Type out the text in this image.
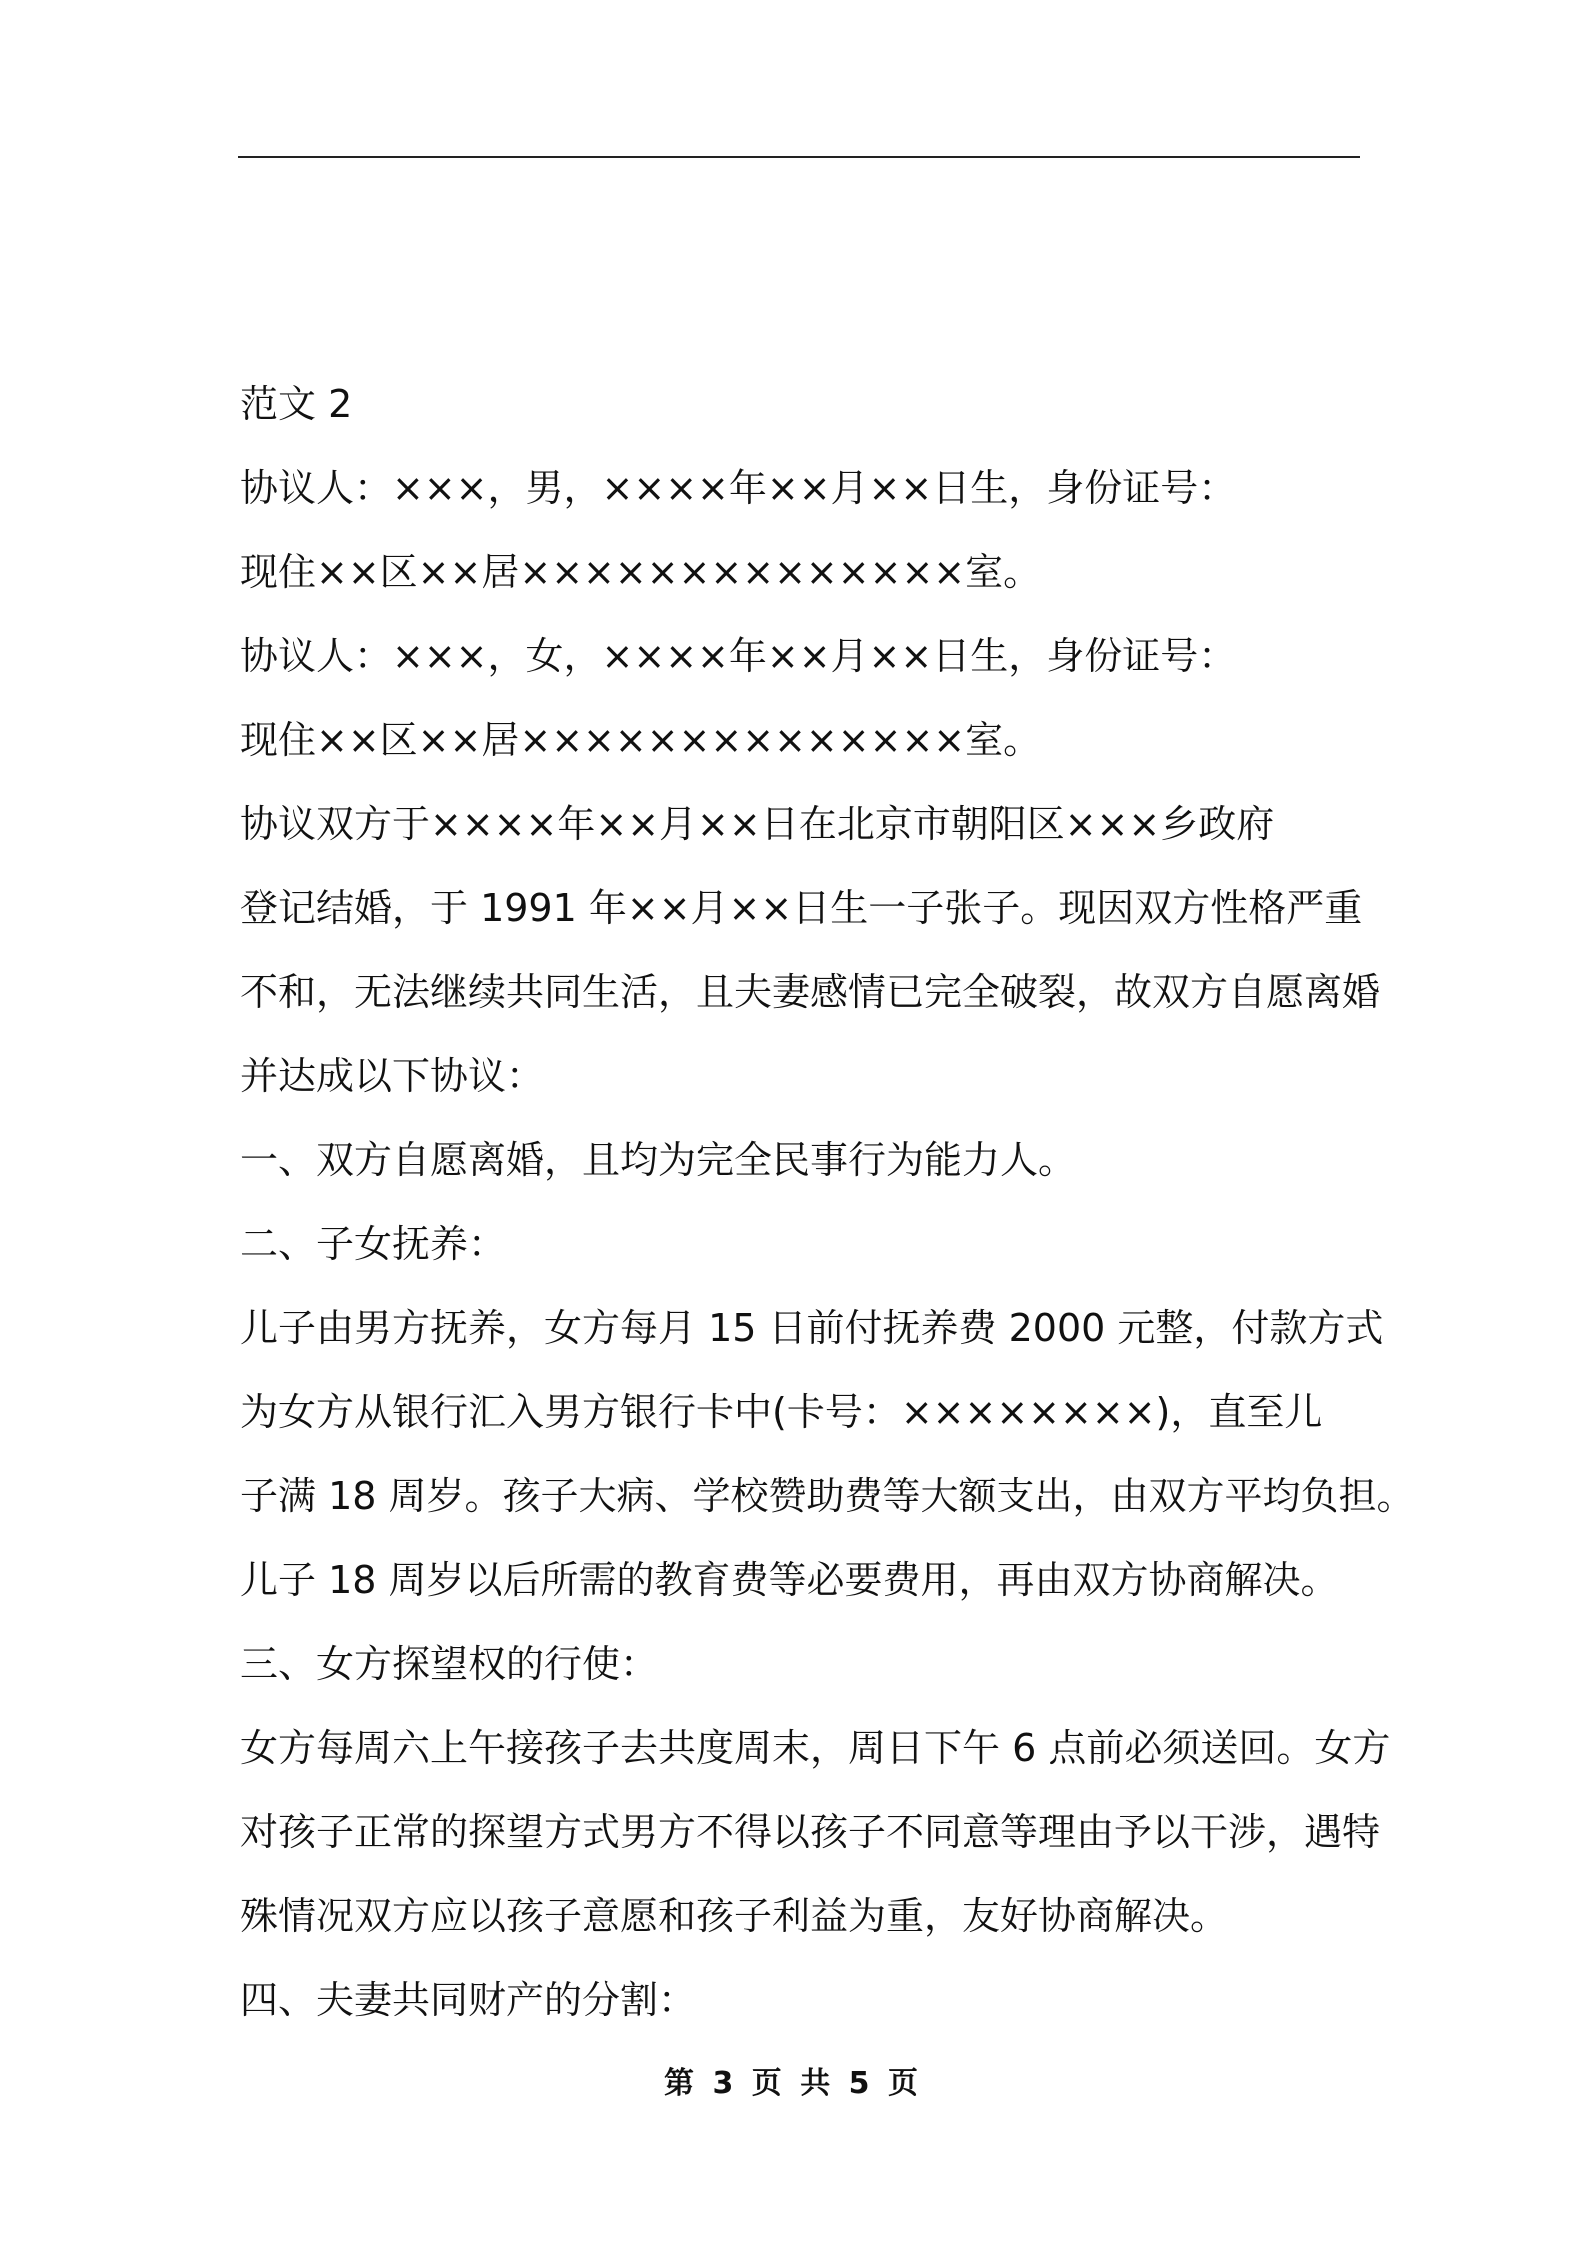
范文 2

协议人：×××，男，××××年××月××日生，身份证号：

现住××区××居××××××××××××××室。

协议人：×××，女，××××年××月××日生，身份证号：

现住××区××居××××××××××××××室。

协议双方于××××年××月××日在北京市朝阳区×××乡政府

登记结婚，于 1991 年××月××日生一子张子。现因双方性格严重

不和，无法继续共同生活，且夫妻感情已完全破裂，故双方自愿离婚

并达成以下协议：

一、双方自愿离婚，且均为完全民事行为能力人。

二、子女抚养：

儿子由男方抚养，女方每月 15 日前付抚养费 2000 元整，付款方式

为女方从银行汇入男方银行卡中(卡号：××××××××)，直至儿

子满 18 周岁。孩子大病、学校赞助费等大额支出，由双方平均负担。

儿子 18 周岁以后所需的教育费等必要费用，再由双方协商解决。

三、女方探望权的行使：

女方每周六上午接孩子去共度周末，周日下午 6 点前必须送回。女方

对孩子正常的探望方式男方不得以孩子不同意等理由予以干涉，遇特

殊情况双方应以孩子意愿和孩子利益为重，友好协商解决。

四、夫妻共同财产的分割：

第 3 页 共 5 页
